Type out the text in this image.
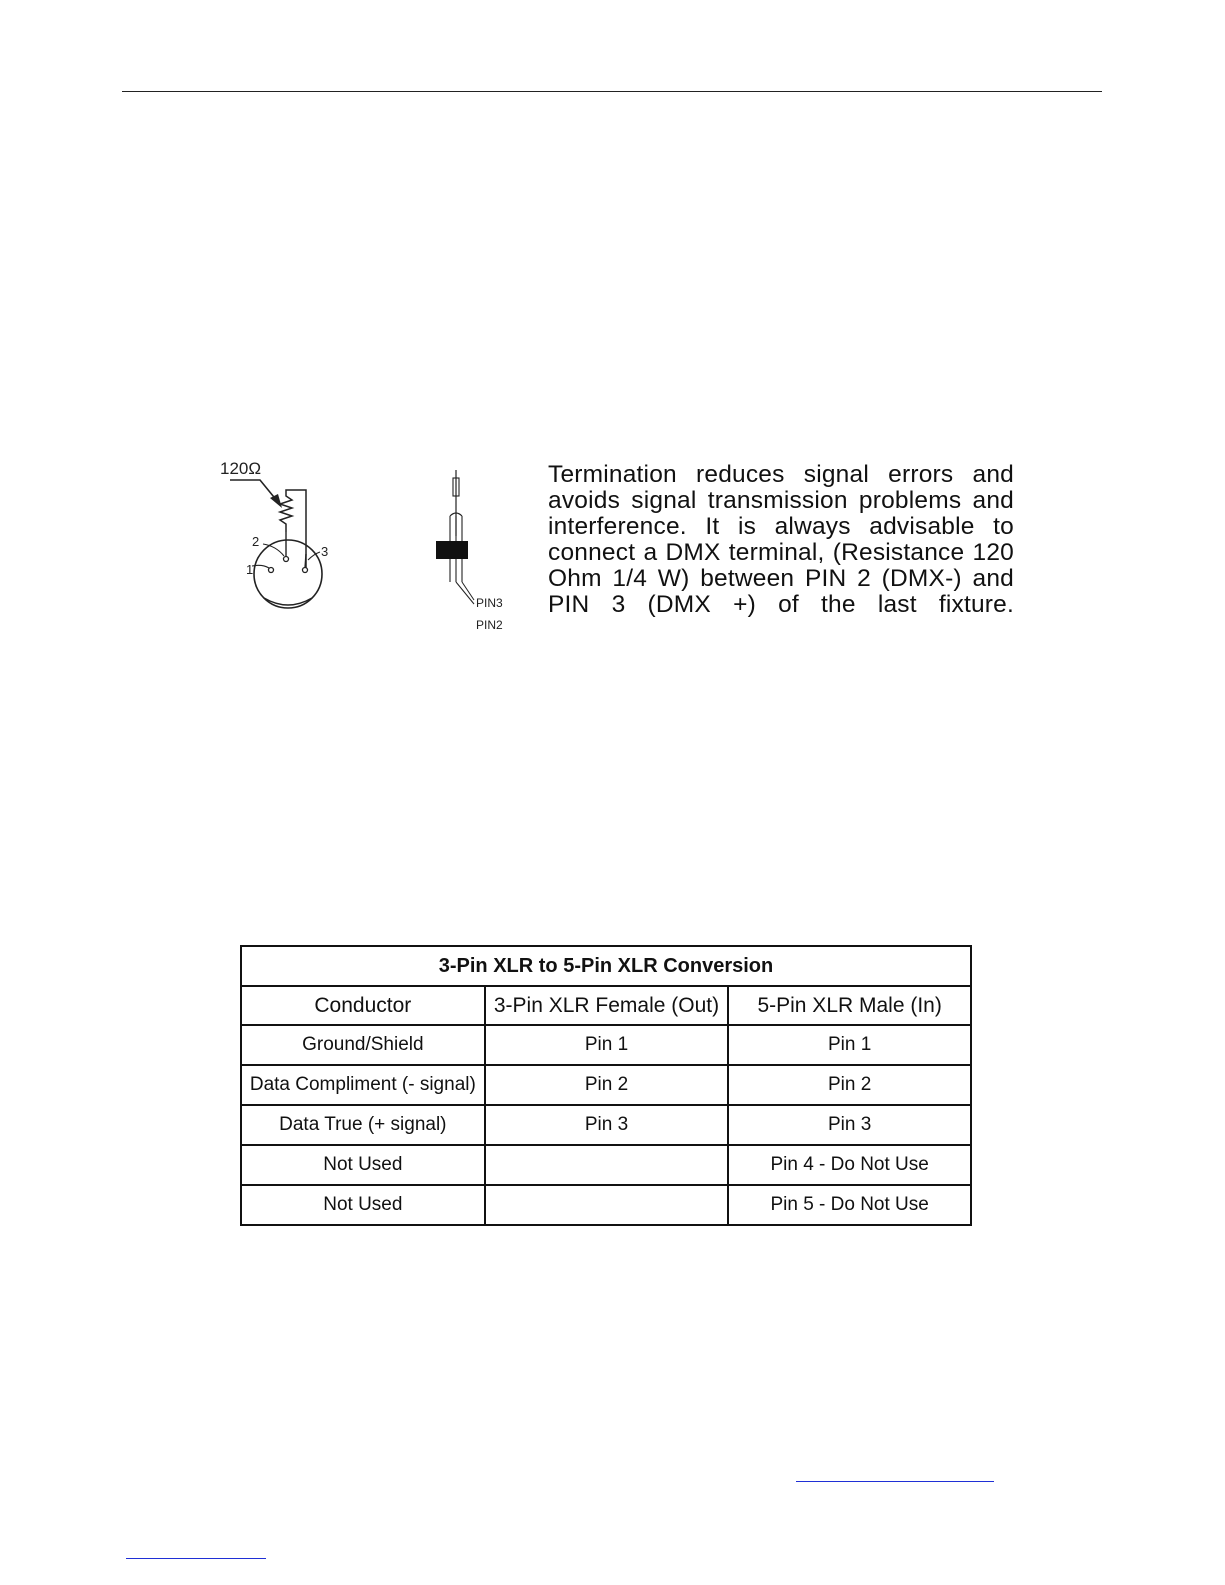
120Ω
2
1
3
PIN3
PIN2

Termination reduces signal errors and avoids signal transmission problems and interference. It is always advisable to connect a DMX terminal, (Resistance 120 Ohm 1/4 W) between PIN 2 (DMX-) and PIN 3 (DMX +) of the last fixture.

3-Pin XLR to 5-Pin XLR Conversion		
Conductor	3-Pin XLR Female (Out)	5-Pin XLR Male (In)
Ground/Shield	Pin 1	Pin 1
Data Compliment (- signal)	Pin 2	Pin 2
Data True (+ signal)	Pin 3	Pin 3
Not Used		Pin 4 - Do Not Use
Not Used		Pin 5 - Do Not Use
